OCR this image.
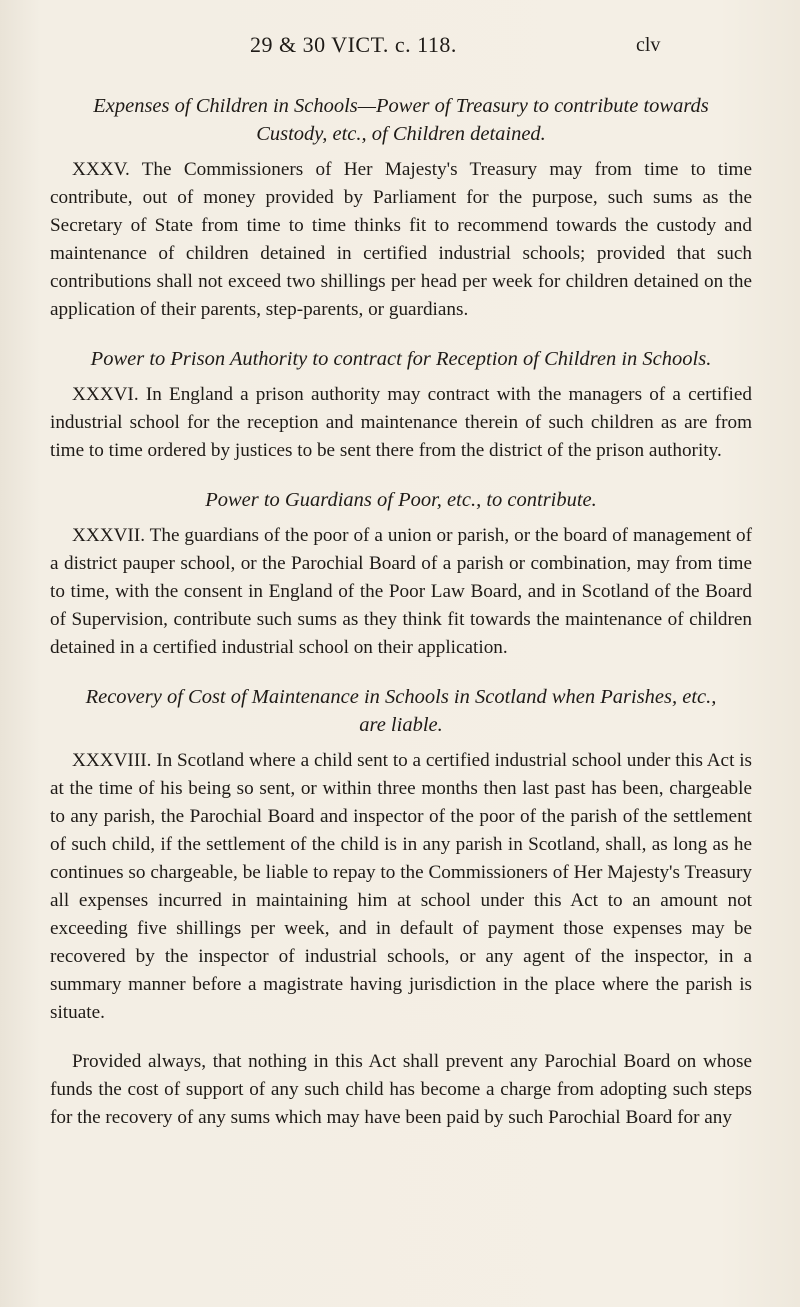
29 & 30 VICT. c. 118.	clv

Expenses of Children in Schools—Power of Treasury to contribute towards Custody, etc., of Children detained.

XXXV. The Commissioners of Her Majesty's Treasury may from time to time contribute, out of money provided by Parliament for the purpose, such sums as the Secretary of State from time to time thinks fit to recommend towards the custody and maintenance of children detained in certified industrial schools; provided that such contributions shall not exceed two shillings per head per week for children detained on the application of their parents, step-parents, or guardians.

Power to Prison Authority to contract for Reception of Children in Schools.

XXXVI. In England a prison authority may contract with the managers of a certified industrial school for the reception and maintenance therein of such children as are from time to time ordered by justices to be sent there from the district of the prison authority.

Power to Guardians of Poor, etc., to contribute.

XXXVII. The guardians of the poor of a union or parish, or the board of management of a district pauper school, or the Parochial Board of a parish or combination, may from time to time, with the consent in England of the Poor Law Board, and in Scotland of the Board of Supervision, contribute such sums as they think fit towards the maintenance of children detained in a certified industrial school on their application.

Recovery of Cost of Maintenance in Schools in Scotland when Parishes, etc., are liable.

XXXVIII. In Scotland where a child sent to a certified industrial school under this Act is at the time of his being so sent, or within three months then last past has been, chargeable to any parish, the Parochial Board and inspector of the poor of the parish of the settlement of such child, if the settlement of the child is in any parish in Scotland, shall, as long as he continues so chargeable, be liable to repay to the Commissioners of Her Majesty's Treasury all expenses incurred in maintaining him at school under this Act to an amount not exceeding five shillings per week, and in default of payment those expenses may be recovered by the inspector of industrial schools, or any agent of the inspector, in a summary manner before a magistrate having jurisdiction in the place where the parish is situate.

Provided always, that nothing in this Act shall prevent any Parochial Board on whose funds the cost of support of any such child has become a charge from adopting such steps for the recovery of any sums which may have been paid by such Parochial Board for any
